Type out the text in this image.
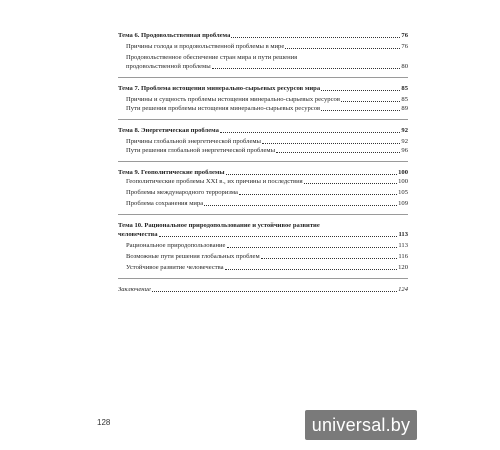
Тема 6. Продовольственная проблема	76
Причины голода и продовольственной проблемы в мире	76
Продовольственное обеспечение стран мира и пути решения
продовольственной проблемы	80
Тема 7. Проблема истощения минерально-сырьевых ресурсов мира	85
Причины и сущность проблемы истощения минерально-сырьевых ресурсов	85
Пути решения проблемы истощения минерально-сырьевых ресурсов	89
Тема 8. Энергетическая проблема	92
Причины глобальной энергетической проблемы	92
Пути решения глобальной энергетической проблемы	96
Тема 9. Геополитические проблемы	100
Геополитические проблемы XXI в., их причины и последствия	100
Проблемы международного терроризма	105
Проблема сохранения мира	109
Тема 10. Рациональное природопользование и устойчивое развитие
человечества	113
Рациональное природопользование	113
Возможные пути решения глобальных проблем	116
Устойчивое развитие человечества	120
Заключение	124
128	universal.by
